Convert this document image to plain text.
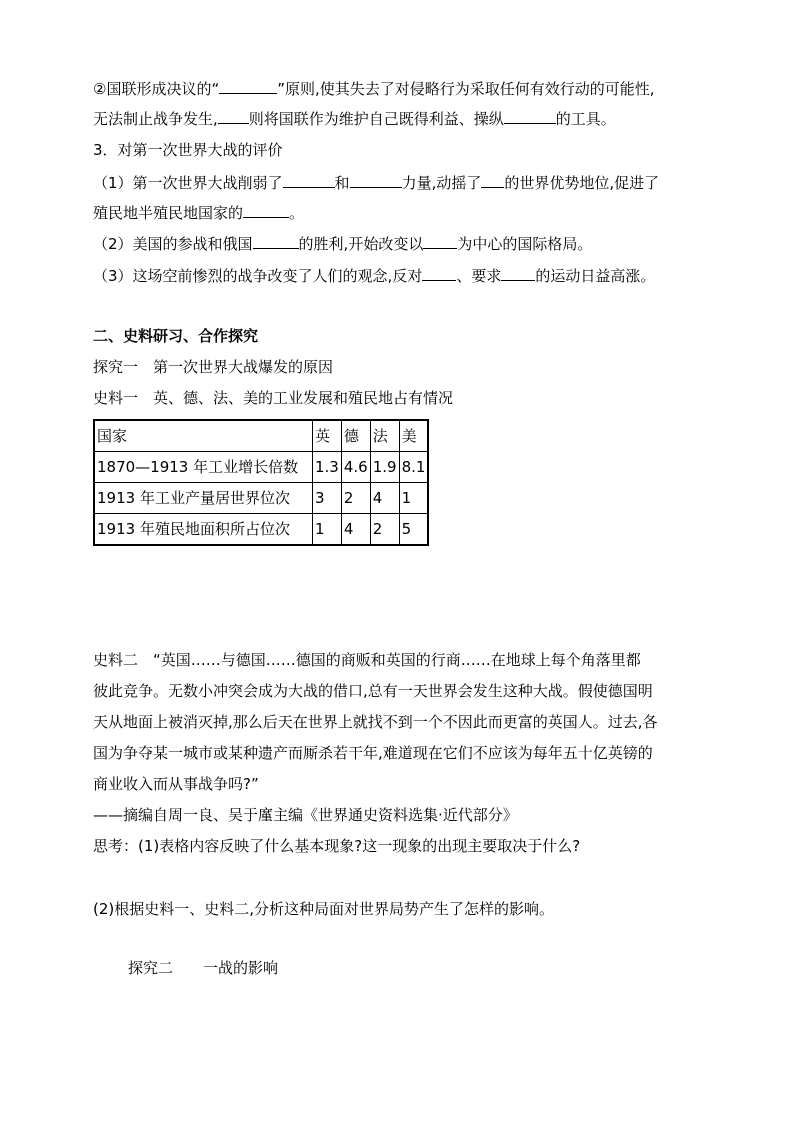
②国联形成决议的“	”原则,使其失去了对侵略行为采取任何有效行动的可能性,
无法制止战争发生, 则将国联作为维护自己既得利益、操纵	的工具。
3．对第一次世界大战的评价
（1）第一次世界大战削弱了	和	力量,动摇了 的世界优势地位,促进了
殖民地半殖民地国家的	。
（2）美国的参战和俄国	的胜利,开始改变以 为中心的国际格局。
（3）这场空前惨烈的战争改变了人们的观念,反对 、要求 的运动日益高涨。
二、史料研习、合作探究
探究一　第一次世界大战爆发的原因
史料一　英、德、法、美的工业发展和殖民地占有情况
国家	英	德	法	美
1870—1913 年工业增长倍数	1.3	4.6	1.9	8.1
1913 年工业产量居世界位次	3	2	4	1
1913 年殖民地面积所占位次	1	4	2	5
史料二　“英国……与德国……德国的商贩和英国的行商……在地球上每个角落里都
彼此竞争。无数小冲突会成为大战的借口,总有一天世界会发生这种大战。假使德国明
天从地面上被消灭掉,那么后天在世界上就找不到一个不因此而更富的英国人。过去,各
国为争夺某一城市或某种遗产而厮杀若干年,难道现在它们不应该为每年五十亿英镑的
商业收入而从事战争吗?”
——摘编自周一良、吴于廑主编《世界通史资料选集·近代部分》
思考：(1)表格内容反映了什么基本现象?这一现象的出现主要取决于什么?
(2)根据史料一、史料二,分析这种局面对世界局势产生了怎样的影响。
探究二　　一战的影响
